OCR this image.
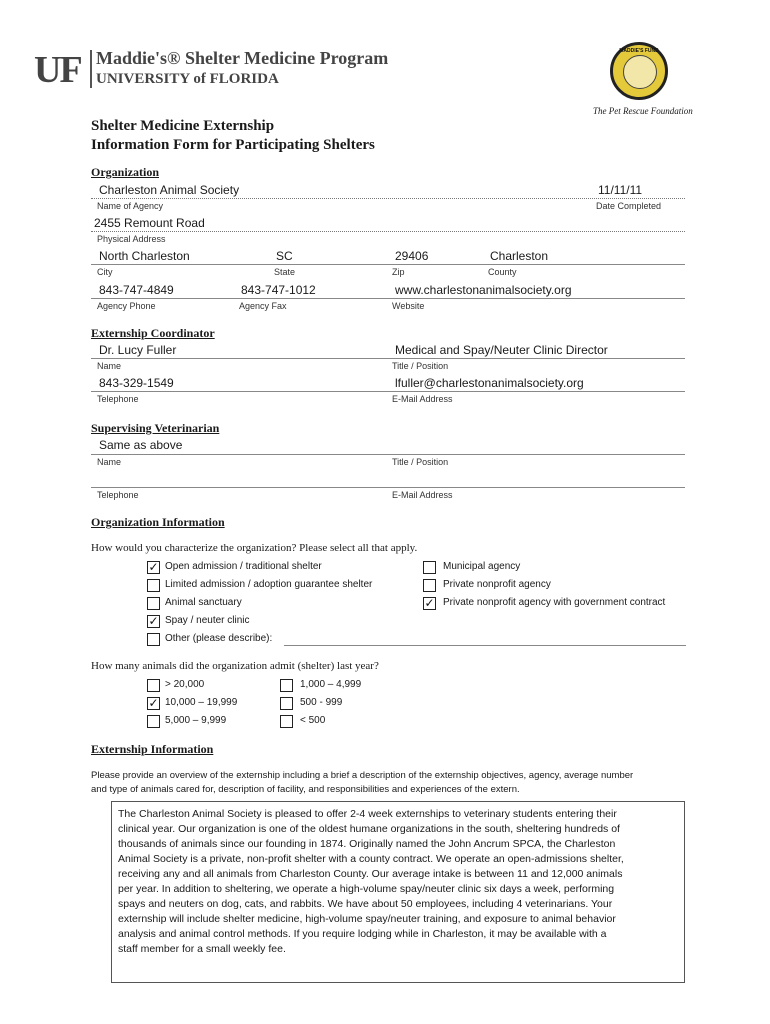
UF Maddie's® Shelter Medicine Program
UNIVERSITY of FLORIDA
MADDIE'S FUND
The Pet Rescue Foundation
Shelter Medicine Externship
Information Form for Participating Shelters
Organization
Charleston Animal Society	11/11/11
Name of Agency	Date Completed
2455 Remount Road
Physical Address
North Charleston	SC	29406	Charleston
City	State	Zip	County
843-747-4849	843-747-1012	www.charlestonanimalsociety.org
Agency Phone	Agency Fax	Website
Externship Coordinator
Dr. Lucy Fuller	Medical and Spay/Neuter Clinic Director
Name	Title / Position
843-329-1549	lfuller@charlestonanimalsociety.org
Telephone	E-Mail Address
Supervising Veterinarian
Same as above
Name	Title / Position
Telephone	E-Mail Address
Organization Information
How would you characterize the organization? Please select all that apply.
✓ Open admission / traditional shelter
Limited admission / adoption guarantee shelter
Animal sanctuary
✓ Spay / neuter clinic
Other (please describe):
Municipal agency
Private nonprofit agency
✓ Private nonprofit agency with government contract
How many animals did the organization admit (shelter) last year?
> 20,000
✓ 10,000 – 19,999
5,000 – 9,999
1,000 – 4,999
500 - 999
< 500
Externship Information
Please provide an overview of the externship including a brief a description of the externship objectives, agency, average number
and type of animals cared for, description of facility, and responsibilities and experiences of the extern.
The Charleston Animal Society is pleased to offer 2-4 week externships to veterinary students entering their
clinical year. Our organization is one of the oldest humane organizations in the south, sheltering hundreds of
thousands of animals since our founding in 1874. Originally named the John Ancrum SPCA, the Charleston
Animal Society is a private, non-profit shelter with a county contract. We operate an open-admissions shelter,
receiving any and all animals from Charleston County. Our average intake is between 11 and 12,000 animals
per year. In addition to sheltering, we operate a high-volume spay/neuter clinic six days a week, performing
spays and neuters on dog, cats, and rabbits. We have about 50 employees, including 4 veterinarians. Your
externship will include shelter medicine, high-volume spay/neuter training, and exposure to animal behavior
analysis and animal control methods. If you require lodging while in Charleston, it may be available with a
staff member for a small weekly fee.
